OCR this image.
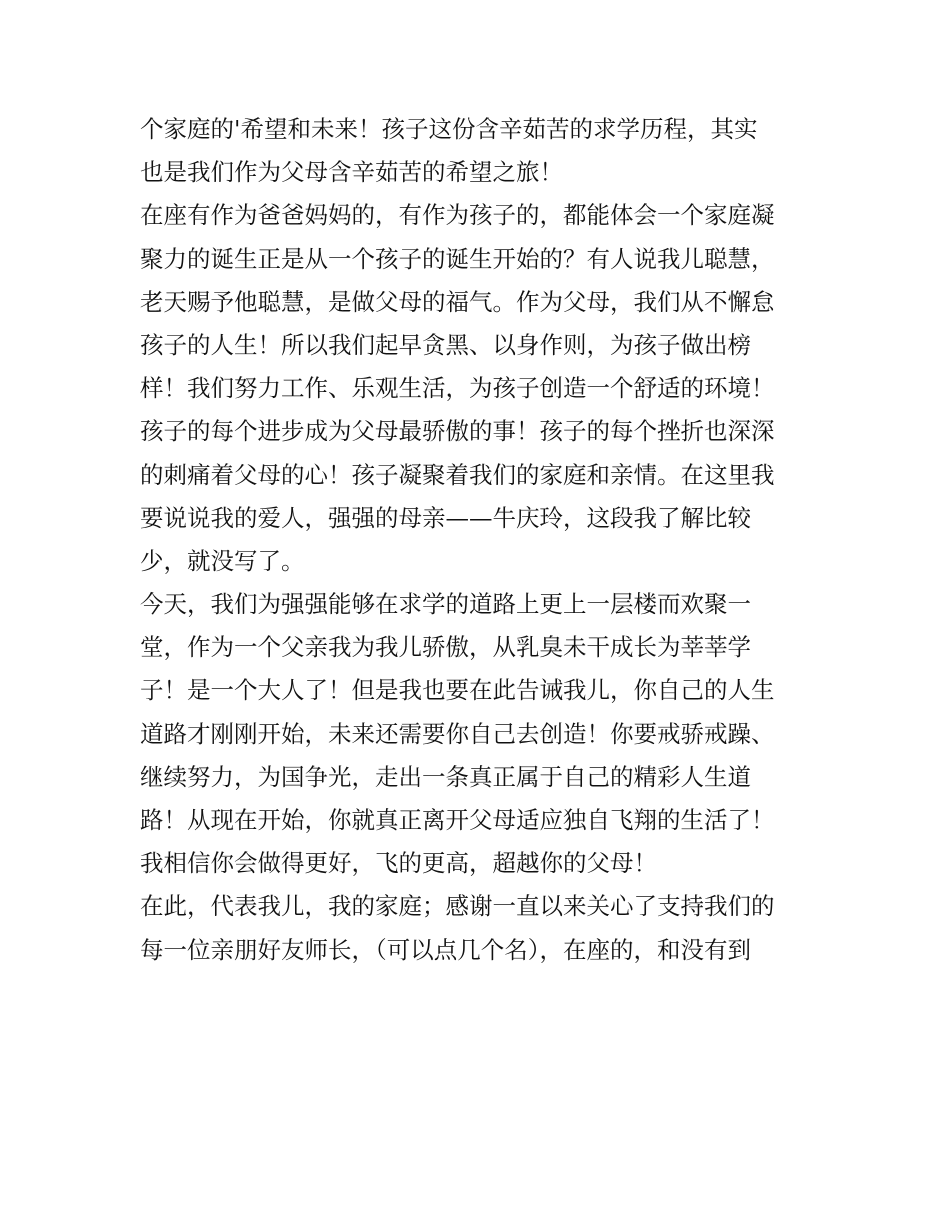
个家庭的'希望和未来！孩子这份含辛茹苦的求学历程，其实
也是我们作为父母含辛茹苦的希望之旅！
在座有作为爸爸妈妈的，有作为孩子的，都能体会一个家庭凝
聚力的诞生正是从一个孩子的诞生开始的？有人说我儿聪慧，
老天赐予他聪慧，是做父母的福气。作为父母，我们从不懈怠
孩子的人生！所以我们起早贪黑、以身作则，为孩子做出榜
样！我们努力工作、乐观生活，为孩子创造一个舒适的环境！
孩子的每个进步成为父母最骄傲的事！孩子的每个挫折也深深
的刺痛着父母的心！孩子凝聚着我们的家庭和亲情。在这里我
要说说我的爱人，强强的母亲——牛庆玲，这段我了解比较
少，就没写了。
今天，我们为强强能够在求学的道路上更上一层楼而欢聚一
堂，作为一个父亲我为我儿骄傲，从乳臭未干成长为莘莘学
子！是一个大人了！但是我也要在此告诫我儿，你自己的人生
道路才刚刚开始，未来还需要你自己去创造！你要戒骄戒躁、
继续努力，为国争光，走出一条真正属于自己的精彩人生道
路！从现在开始，你就真正离开父母适应独自飞翔的生活了！
我相信你会做得更好，飞的更高，超越你的父母！
在此，代表我儿，我的家庭；感谢一直以来关心了支持我们的
每一位亲朋好友师长，（可以点几个名），在座的，和没有到
